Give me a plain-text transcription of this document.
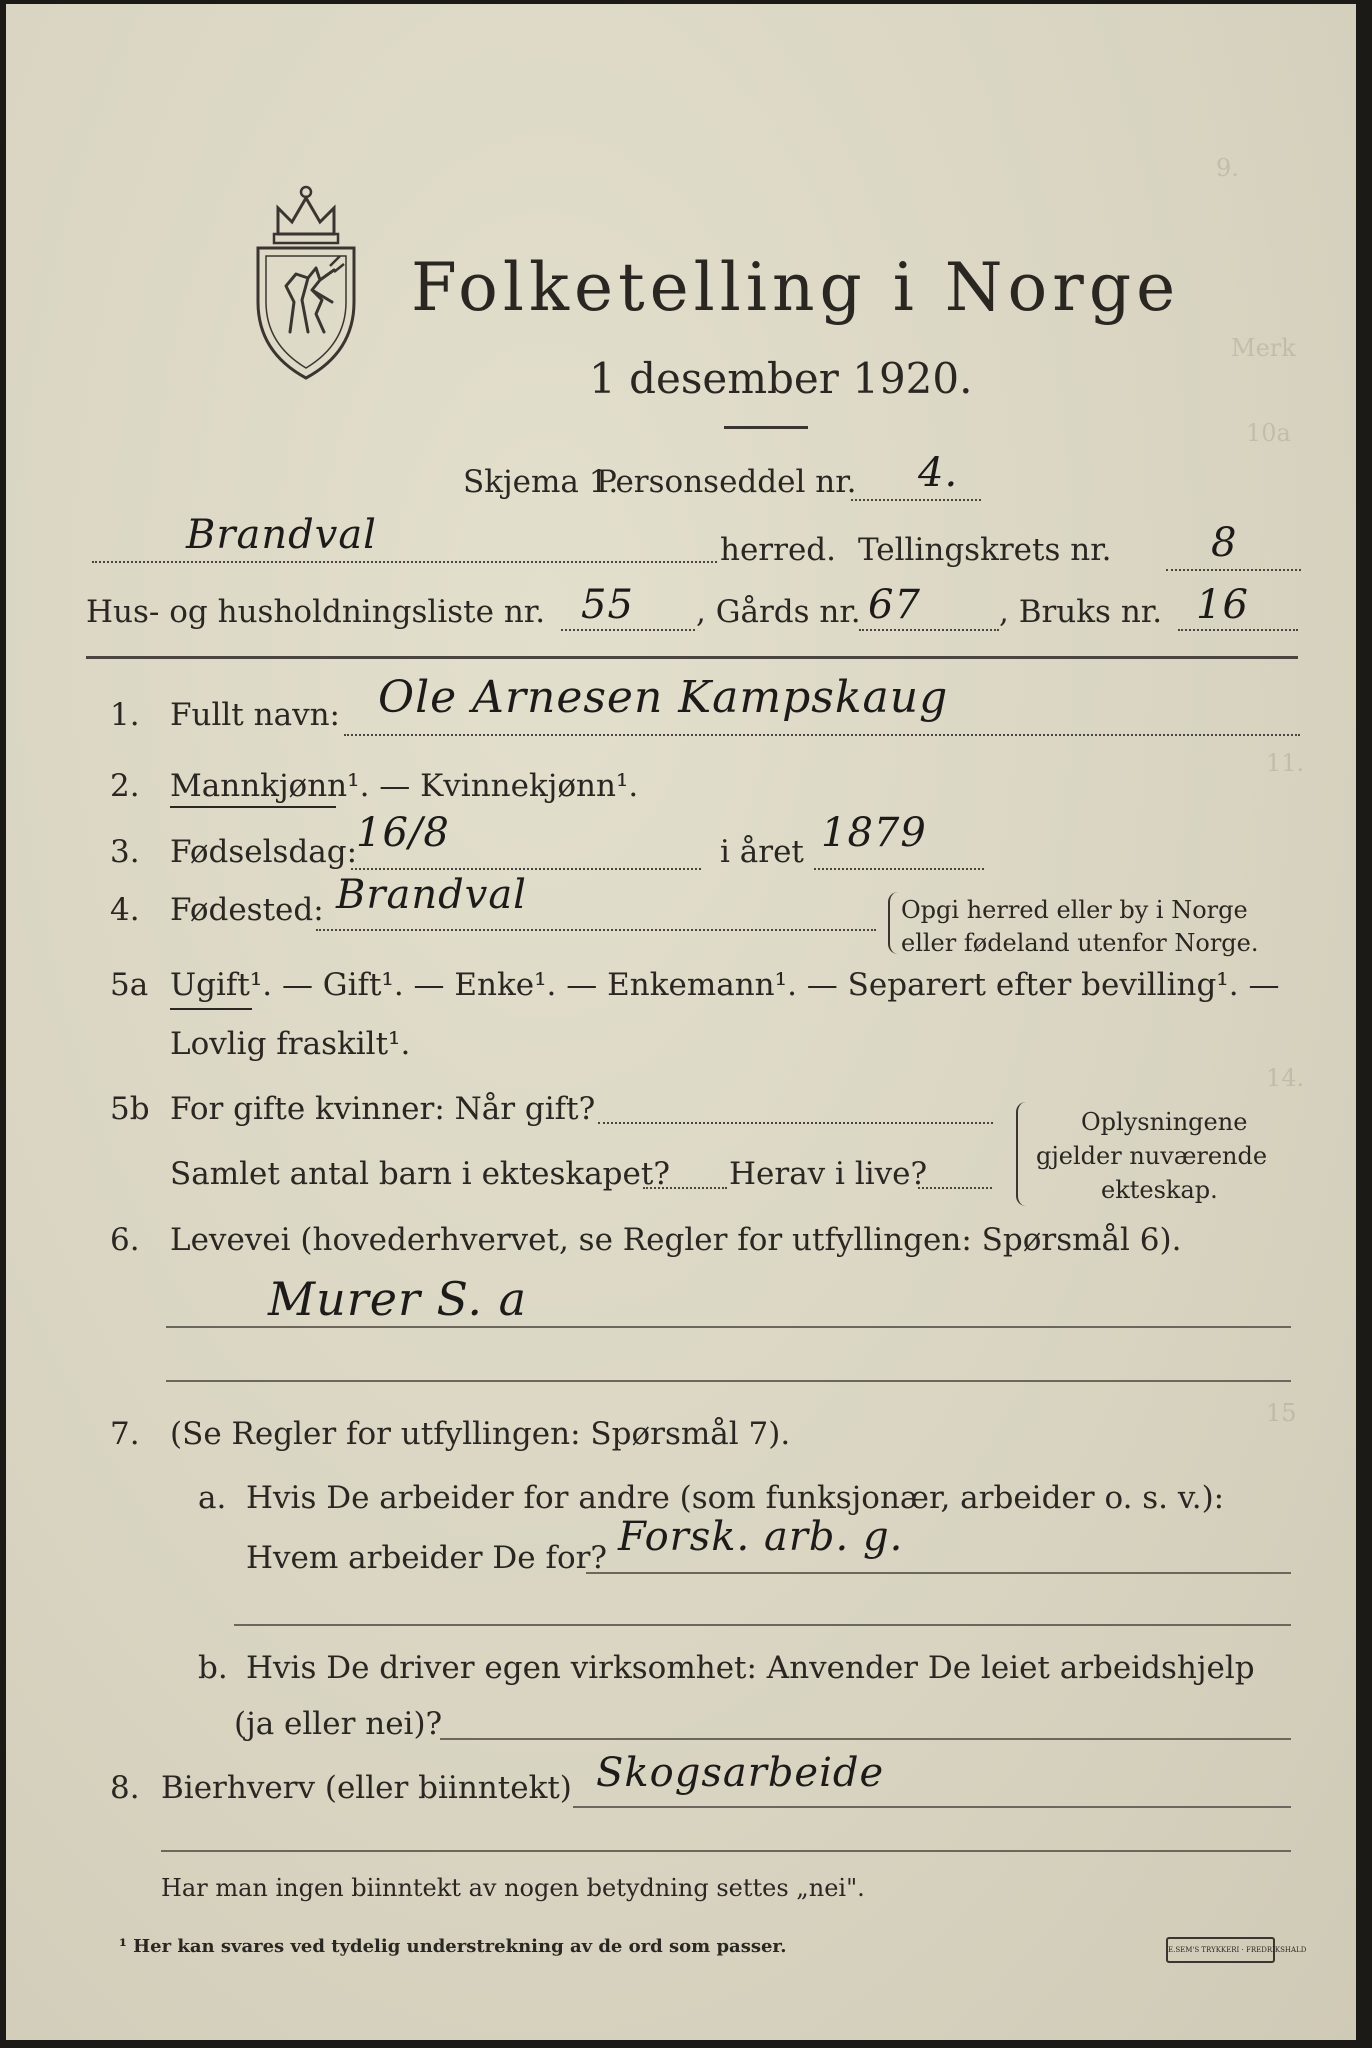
9.
Merk
10a
11.
14.
15
Folketelling i Norge
1 desember 1920.
Skjema 1.
Personseddel nr. 4.
Brandval	herred. Tellingskrets nr. 8
Hus- og husholdningsliste nr. 55 , Gårds nr. 67	, Bruks nr. 16
1. Fullt navn: Ole Arnesen Kampskaug
2. Mannkjønn¹. — Kvinnekjønn¹.
3. Fødselsdag:
16/8	i året 1879
4. Fødested: Brandval	Opgi herred eller by i Norge
eller fødeland utenfor Norge.
5a Ugift¹. — Gift¹. — Enke¹. — Enkemann¹. — Separert efter bevilling¹. —
Lovlig fraskilt¹.
5b For gifte kvinner: Når gift?
Samlet antal barn i ekteskapet? Herav i live?
Oplysningene
gjelder nuværende
ekteskap.
6. Levevei (hovederhvervet, se Regler for utfyllingen: Spørsmål 6).
Murer S. a
7. (Se Regler for utfyllingen: Spørsmål 7).
a. Hvis De arbeider for andre (som funksjonær, arbeider o. s. v.):
Hvem arbeider De for? Forsk. arb. g.
b. Hvis De driver egen virksomhet: Anvender De leiet arbeidshjelp
(ja eller nei)?
8. Bierhverv (eller biinntekt) Skogsarbeide
Har man ingen biinntekt av nogen betydning settes „nei".
¹ Her kan svares ved tydelig understrekning av de ord som passer.	E.SEM'S TRYKKERI · FREDRIKSHALD
